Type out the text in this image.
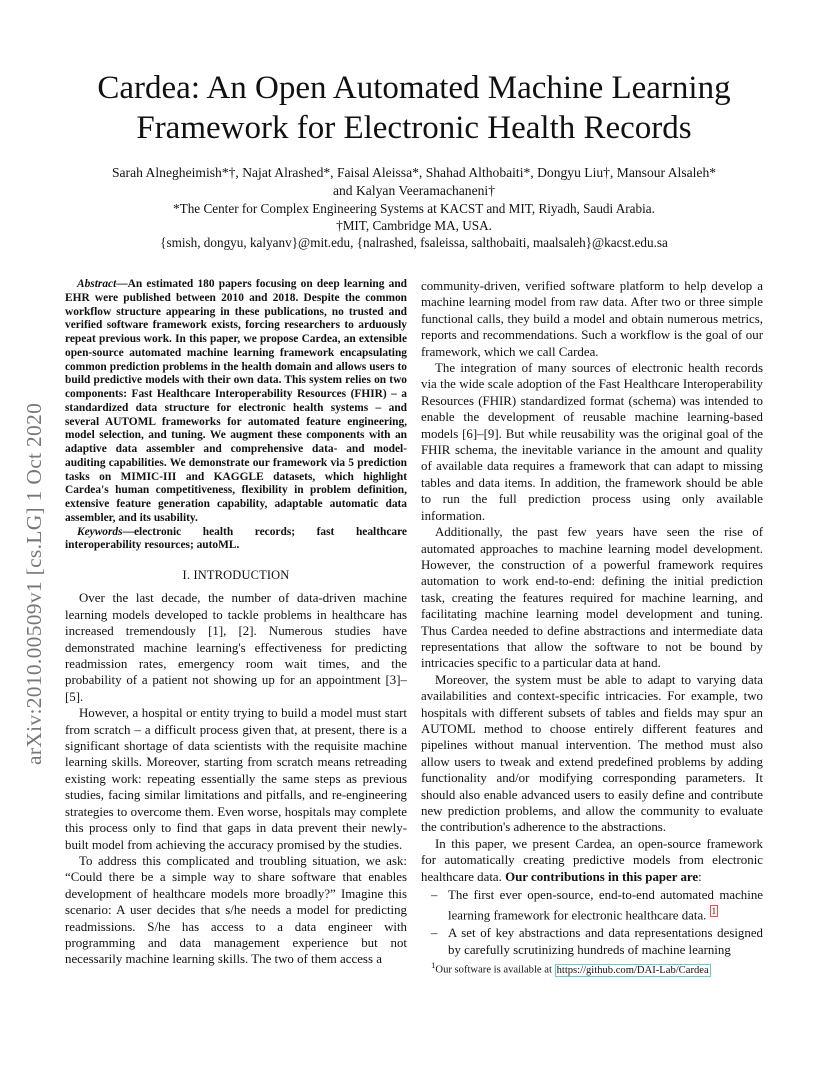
arXiv:2010.00509v1 [cs.LG] 1 Oct 2020
Cardea: An Open Automated Machine Learning
Framework for Electronic Health Records
Sarah Alnegheimish*†, Najat Alrashed*, Faisal Aleissa*, Shahad Althobaiti*, Dongyu Liu†, Mansour Alsaleh*
and Kalyan Veeramachaneni†
*The Center for Complex Engineering Systems at KACST and MIT, Riyadh, Saudi Arabia.
†MIT, Cambridge MA, USA.
{smish, dongyu, kalyanv}@mit.edu, {nalrashed, fsaleissa, salthobaiti, maalsaleh}@kacst.edu.sa

Abstract—An estimated 180 papers focusing on deep learning and EHR were published between 2010 and 2018. Despite the common workflow structure appearing in these publications, no trusted and verified software framework exists, forcing researchers to arduously repeat previous work. In this paper, we propose Cardea, an extensible open-source automated machine learning framework encapsulating common prediction problems in the health domain and allows users to build predictive models with their own data. This system relies on two components: Fast Healthcare Interoperability Resources (FHIR) – a standardized data structure for electronic health systems – and several AUTOML frameworks for automated feature engineering, model selection, and tuning. We augment these components with an adaptive data assembler and comprehensive data- and model- auditing capabilities. We demonstrate our framework via 5 prediction tasks on MIMIC-III and KAGGLE datasets, which highlight Cardea's human competitiveness, flexibility in problem definition, extensive feature generation capability, adaptable automatic data assembler, and its usability.

Keywords—electronic health records; fast healthcare interoperability resources; autoML.

I. INTRODUCTION

Over the last decade, the number of data-driven machine learning models developed to tackle problems in healthcare has increased tremendously [1], [2]. Numerous studies have demonstrated machine learning's effectiveness for predicting readmission rates, emergency room wait times, and the probability of a patient not showing up for an appointment [3]–[5].

However, a hospital or entity trying to build a model must start from scratch – a difficult process given that, at present, there is a significant shortage of data scientists with the requisite machine learning skills. Moreover, starting from scratch means retreading existing work: repeating essentially the same steps as previous studies, facing similar limitations and pitfalls, and re-engineering strategies to overcome them. Even worse, hospitals may complete this process only to find that gaps in data prevent their newly-built model from achieving the accuracy promised by the studies.

To address this complicated and troubling situation, we ask: “Could there be a simple way to share software that enables development of healthcare models more broadly?” Imagine this scenario: A user decides that s/he needs a model for predicting readmissions. S/he has access to a data engineer with programming and data management experience but not necessarily machine learning skills. The two of them access a

community-driven, verified software platform to help develop a machine learning model from raw data. After two or three simple functional calls, they build a model and obtain numerous metrics, reports and recommendations. Such a workflow is the goal of our framework, which we call Cardea.

The integration of many sources of electronic health records via the wide scale adoption of the Fast Healthcare Interoperability Resources (FHIR) standardized format (schema) was intended to enable the development of reusable machine learning-based models [6]–[9]. But while reusability was the original goal of the FHIR schema, the inevitable variance in the amount and quality of available data requires a framework that can adapt to missing tables and data items. In addition, the framework should be able to run the full prediction process using only available information.

Additionally, the past few years have seen the rise of automated approaches to machine learning model development. However, the construction of a powerful framework requires automation to work end-to-end: defining the initial prediction task, creating the features required for machine learning, and facilitating machine learning model development and tuning. Thus Cardea needed to define abstractions and intermediate data representations that allow the software to not be bound by intricacies specific to a particular data at hand.

Moreover, the system must be able to adapt to varying data availabilities and context-specific intricacies. For example, two hospitals with different subsets of tables and fields may spur an AUTOML method to choose entirely different features and pipelines without manual intervention. The method must also allow users to tweak and extend predefined problems by adding functionality and/or modifying corresponding parameters. It should also enable advanced users to easily define and contribute new prediction problems, and allow the community to evaluate the contribution's adherence to the abstractions.

In this paper, we present Cardea, an open-source framework for automatically creating predictive models from electronic healthcare data. Our contributions in this paper are:

– The first ever open-source, end-to-end automated machine learning framework for electronic healthcare data. $^1$
– A set of key abstractions and data representations designed by carefully scrutinizing hundreds of machine learning
$^1$Our software is available at https://github.com/DAI-Lab/Cardea
